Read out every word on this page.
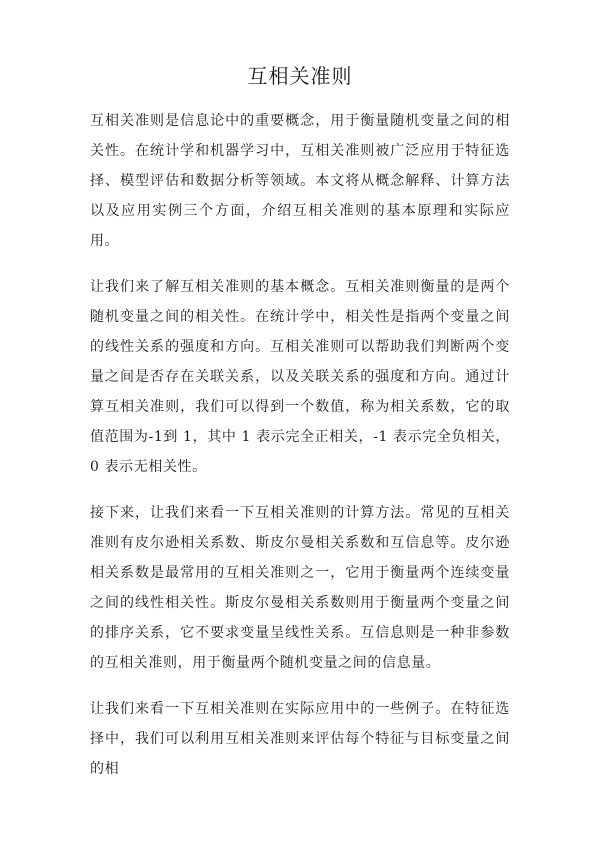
互相关准则

互相关准则是信息论中的重要概念，用于衡量随机变量之间的相关性。在统计学和机器学习中，互相关准则被广泛应用于特征选择、模型评估和数据分析等领域。本文将从概念解释、计算方法以及应用实例三个方面，介绍互相关准则的基本原理和实际应用。

让我们来了解互相关准则的基本概念。互相关准则衡量的是两个随机变量之间的相关性。在统计学中，相关性是指两个变量之间的线性关系的强度和方向。互相关准则可以帮助我们判断两个变量之间是否存在关联关系，以及关联关系的强度和方向。通过计算互相关准则，我们可以得到一个数值，称为相关系数，它的取值范围为-1到 1，其中 1 表示完全正相关，-1 表示完全负相关，0 表示无相关性。

接下来，让我们来看一下互相关准则的计算方法。常见的互相关准则有皮尔逊相关系数、斯皮尔曼相关系数和互信息等。皮尔逊相关系数是最常用的互相关准则之一，它用于衡量两个连续变量之间的线性相关性。斯皮尔曼相关系数则用于衡量两个变量之间的排序关系，它不要求变量呈线性关系。互信息则是一种非参数的互相关准则，用于衡量两个随机变量之间的信息量。

让我们来看一下互相关准则在实际应用中的一些例子。在特征选择中，我们可以利用互相关准则来评估每个特征与目标变量之间的相
